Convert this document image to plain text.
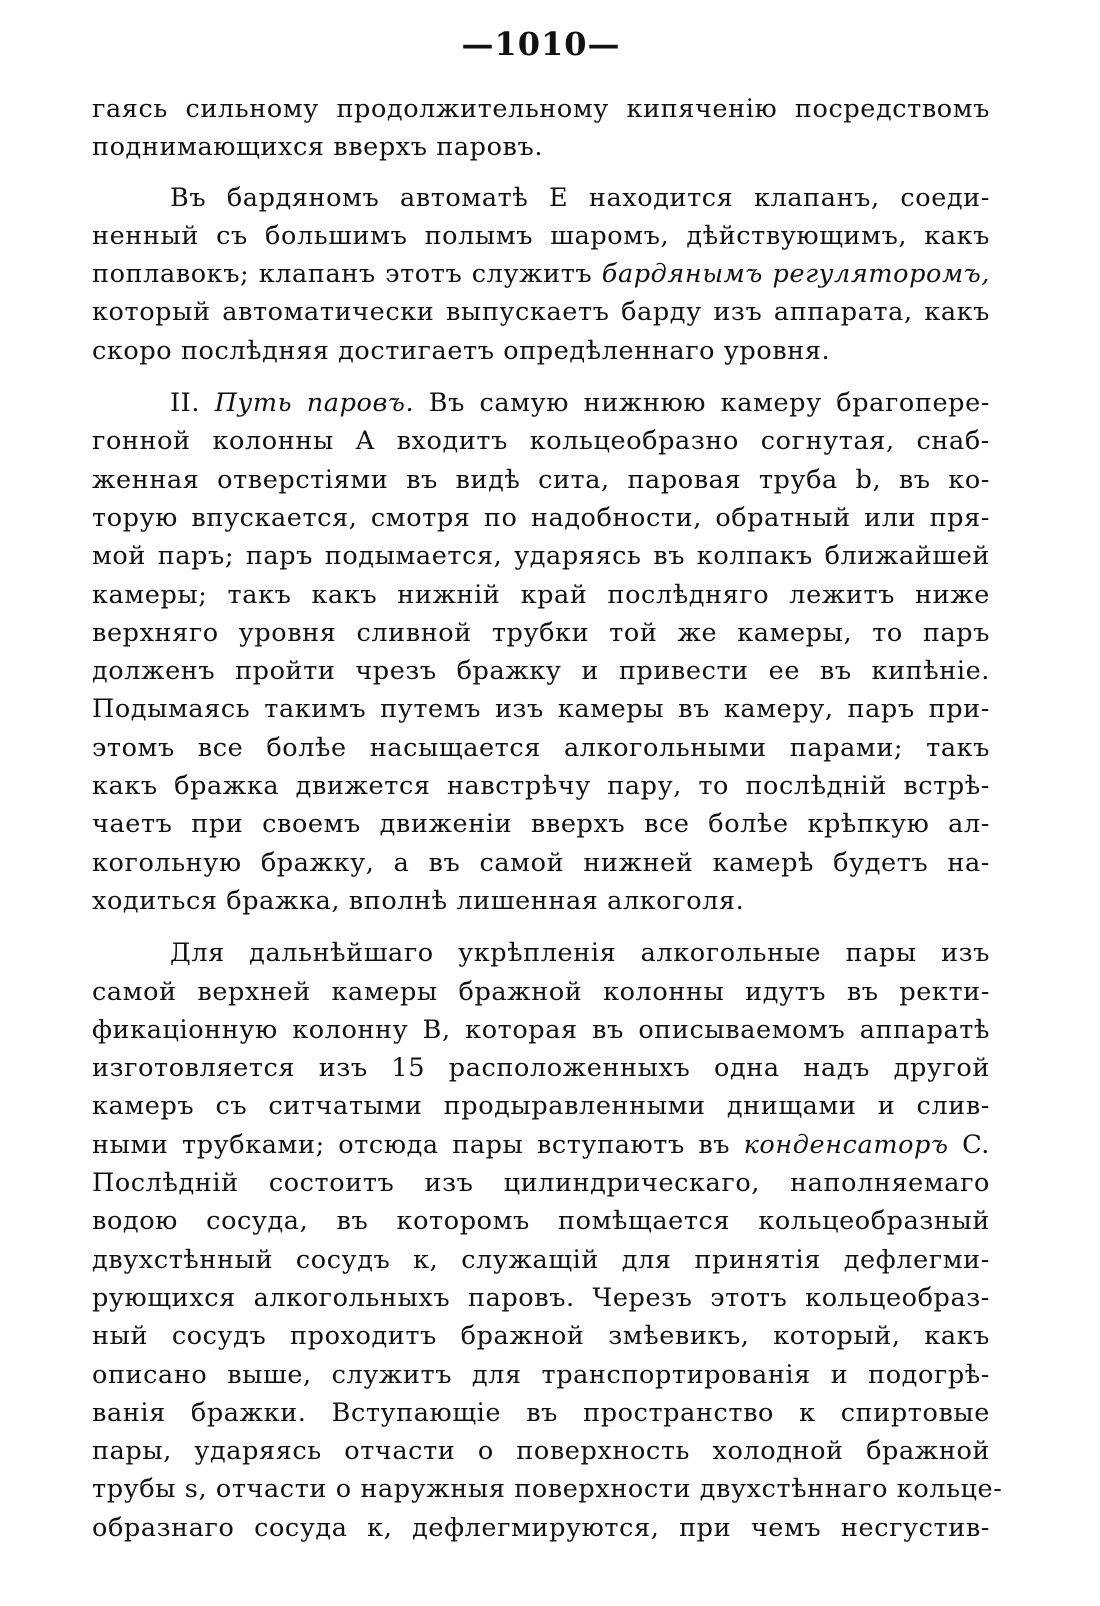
—1010—
гаясь сильному продолжительному кипяченію посредствомъ
поднимающихся вверхъ паровъ.
Въ бардяномъ автоматѣ E находится клапанъ, соеди-
ненный съ большимъ полымъ шаромъ, дѣйствующимъ, какъ
поплавокъ; клапанъ этотъ служитъ бардянымъ регуляторомъ,
который автоматически выпускаетъ барду изъ аппарата, какъ
скоро послѣдняя достигаетъ опредѣленнаго уровня.
II. Путь паровъ. Въ самую нижнюю камеру брагопере-
гонной колонны A входитъ кольцеобразно согнутая, снаб-
женная отверстіями въ видѣ сита, паровая труба b, въ ко-
торую впускается, смотря по надобности, обратный или пря-
мой паръ; паръ подымается, ударяясь въ колпакъ ближайшей
камеры; такъ какъ нижній край послѣдняго лежитъ ниже
верхняго уровня сливной трубки той же камеры, то паръ
долженъ пройти чрезъ бражку и привести ее въ кипѣніе.
Подымаясь такимъ путемъ изъ камеры въ камеру, паръ при-
этомъ все болѣе насыщается алкогольными парами; такъ
какъ бражка движется навстрѣчу пару, то послѣдній встрѣ-
чаетъ при своемъ движеніи вверхъ все болѣе крѣпкую ал-
когольную бражку, а въ самой нижней камерѣ будетъ на-
ходиться бражка, вполнѣ лишенная алкоголя.
Для дальнѣйшаго укрѣпленія алкогольные пары изъ
самой верхней камеры бражной колонны идутъ въ ректи-
фикаціонную колонну B, которая въ описываемомъ аппаратѣ
изготовляется изъ 15 расположенныхъ одна надъ другой
камеръ съ ситчатыми продыравленными днищами и слив-
ными трубками; отсюда пары вступаютъ въ конденсаторъ C.
Послѣдній состоитъ изъ цилиндрическаго, наполняемаго
водою сосуда, въ которомъ помѣщается кольцеобразный
двухстѣнный сосудъ к, служащій для принятія дефлегми-
рующихся алкогольныхъ паровъ. Черезъ этотъ кольцеобраз-
ный сосудъ проходитъ бражной змѣевикъ, который, какъ
описано выше, служитъ для транспортированія и подогрѣ-
ванія бражки. Вступающіе въ пространство к спиртовые
пары, ударяясь отчасти о поверхность холодной бражной
трубы s, отчасти о наружныя поверхности двухстѣннаго кольце-
образнаго сосуда к, дефлегмируются, при чемъ несгустив-
